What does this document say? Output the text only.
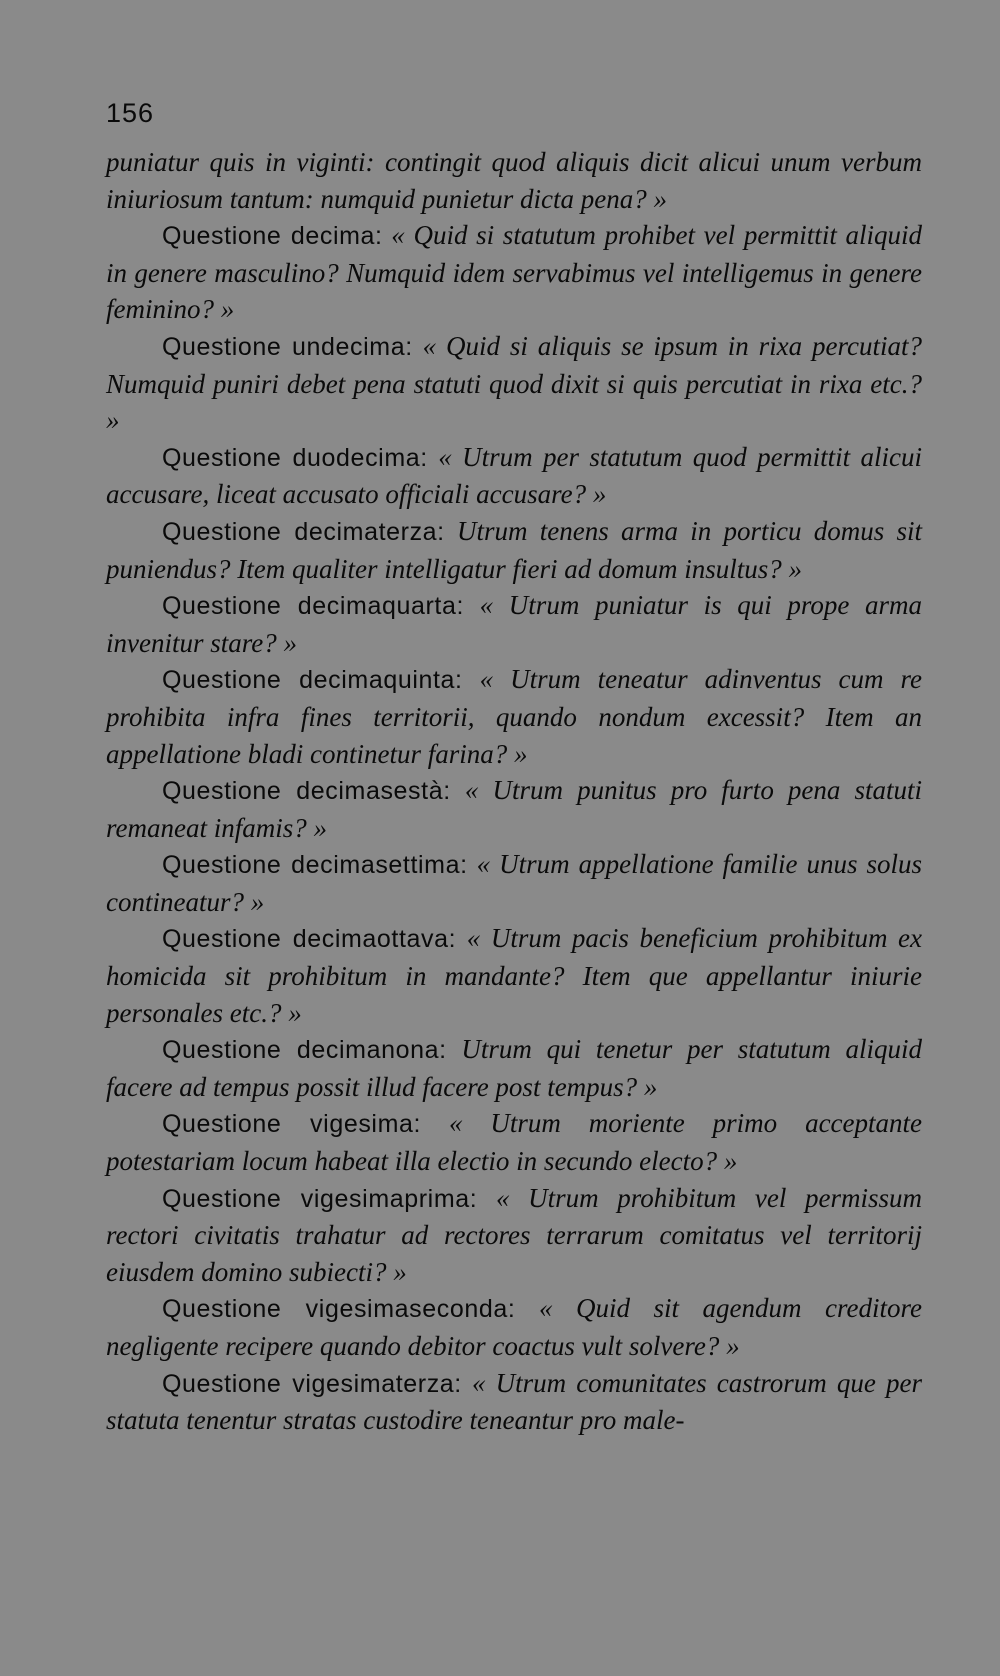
156

puniatur quis in viginti: contingit quod aliquis dicit alicui unum verbum iniuriosum tantum: numquid punietur dicta pena? »

Questione decima: « Quid si statutum prohibet vel permittit aliquid in genere masculino? Numquid idem servabimus vel intelligemus in genere feminino? »

Questione undecima: « Quid si aliquis se ipsum in rixa percutiat? Numquid puniri debet pena statuti quod dixit si quis percutiat in rixa etc.? »

Questione duodecima: « Utrum per statutum quod permittit alicui accusare, liceat accusato officiali accusare? »

Questione decimaterza: Utrum tenens arma in porticu domus sit puniendus? Item qualiter intelligatur fieri ad domum insultus? »

Questione decimaquarta: « Utrum puniatur is qui prope arma invenitur stare? »

Questione decimaquinta: « Utrum teneatur adinventus cum re prohibita infra fines territorii, quando nondum excessit? Item an appellatione bladi continetur farina? »

Questione decimasestà: « Utrum punitus pro furto pena statuti remaneat infamis? »

Questione decimasettima: « Utrum appellatione familie unus solus contineatur? »

Questione decimaottava: « Utrum pacis beneficium prohibitum ex homicida sit prohibitum in mandante? Item que appellantur iniurie personales etc.? »

Questione decimanona: Utrum qui tenetur per statutum aliquid facere ad tempus possit illud facere post tempus? »

Questione vigesima: « Utrum moriente primo acceptante potestariam locum habeat illa electio in secundo electo? »

Questione vigesimaprima: « Utrum prohibitum vel permissum rectori civitatis trahatur ad rectores terrarum comitatus vel territorij eiusdem domino subiecti? »

Questione vigesimaseconda: « Quid sit agendum creditore negligente recipere quando debitor coactus vult solvere? »

Questione vigesimaterza: « Utrum comunitates castrorum que per statuta tenentur stratas custodire teneantur pro male-
